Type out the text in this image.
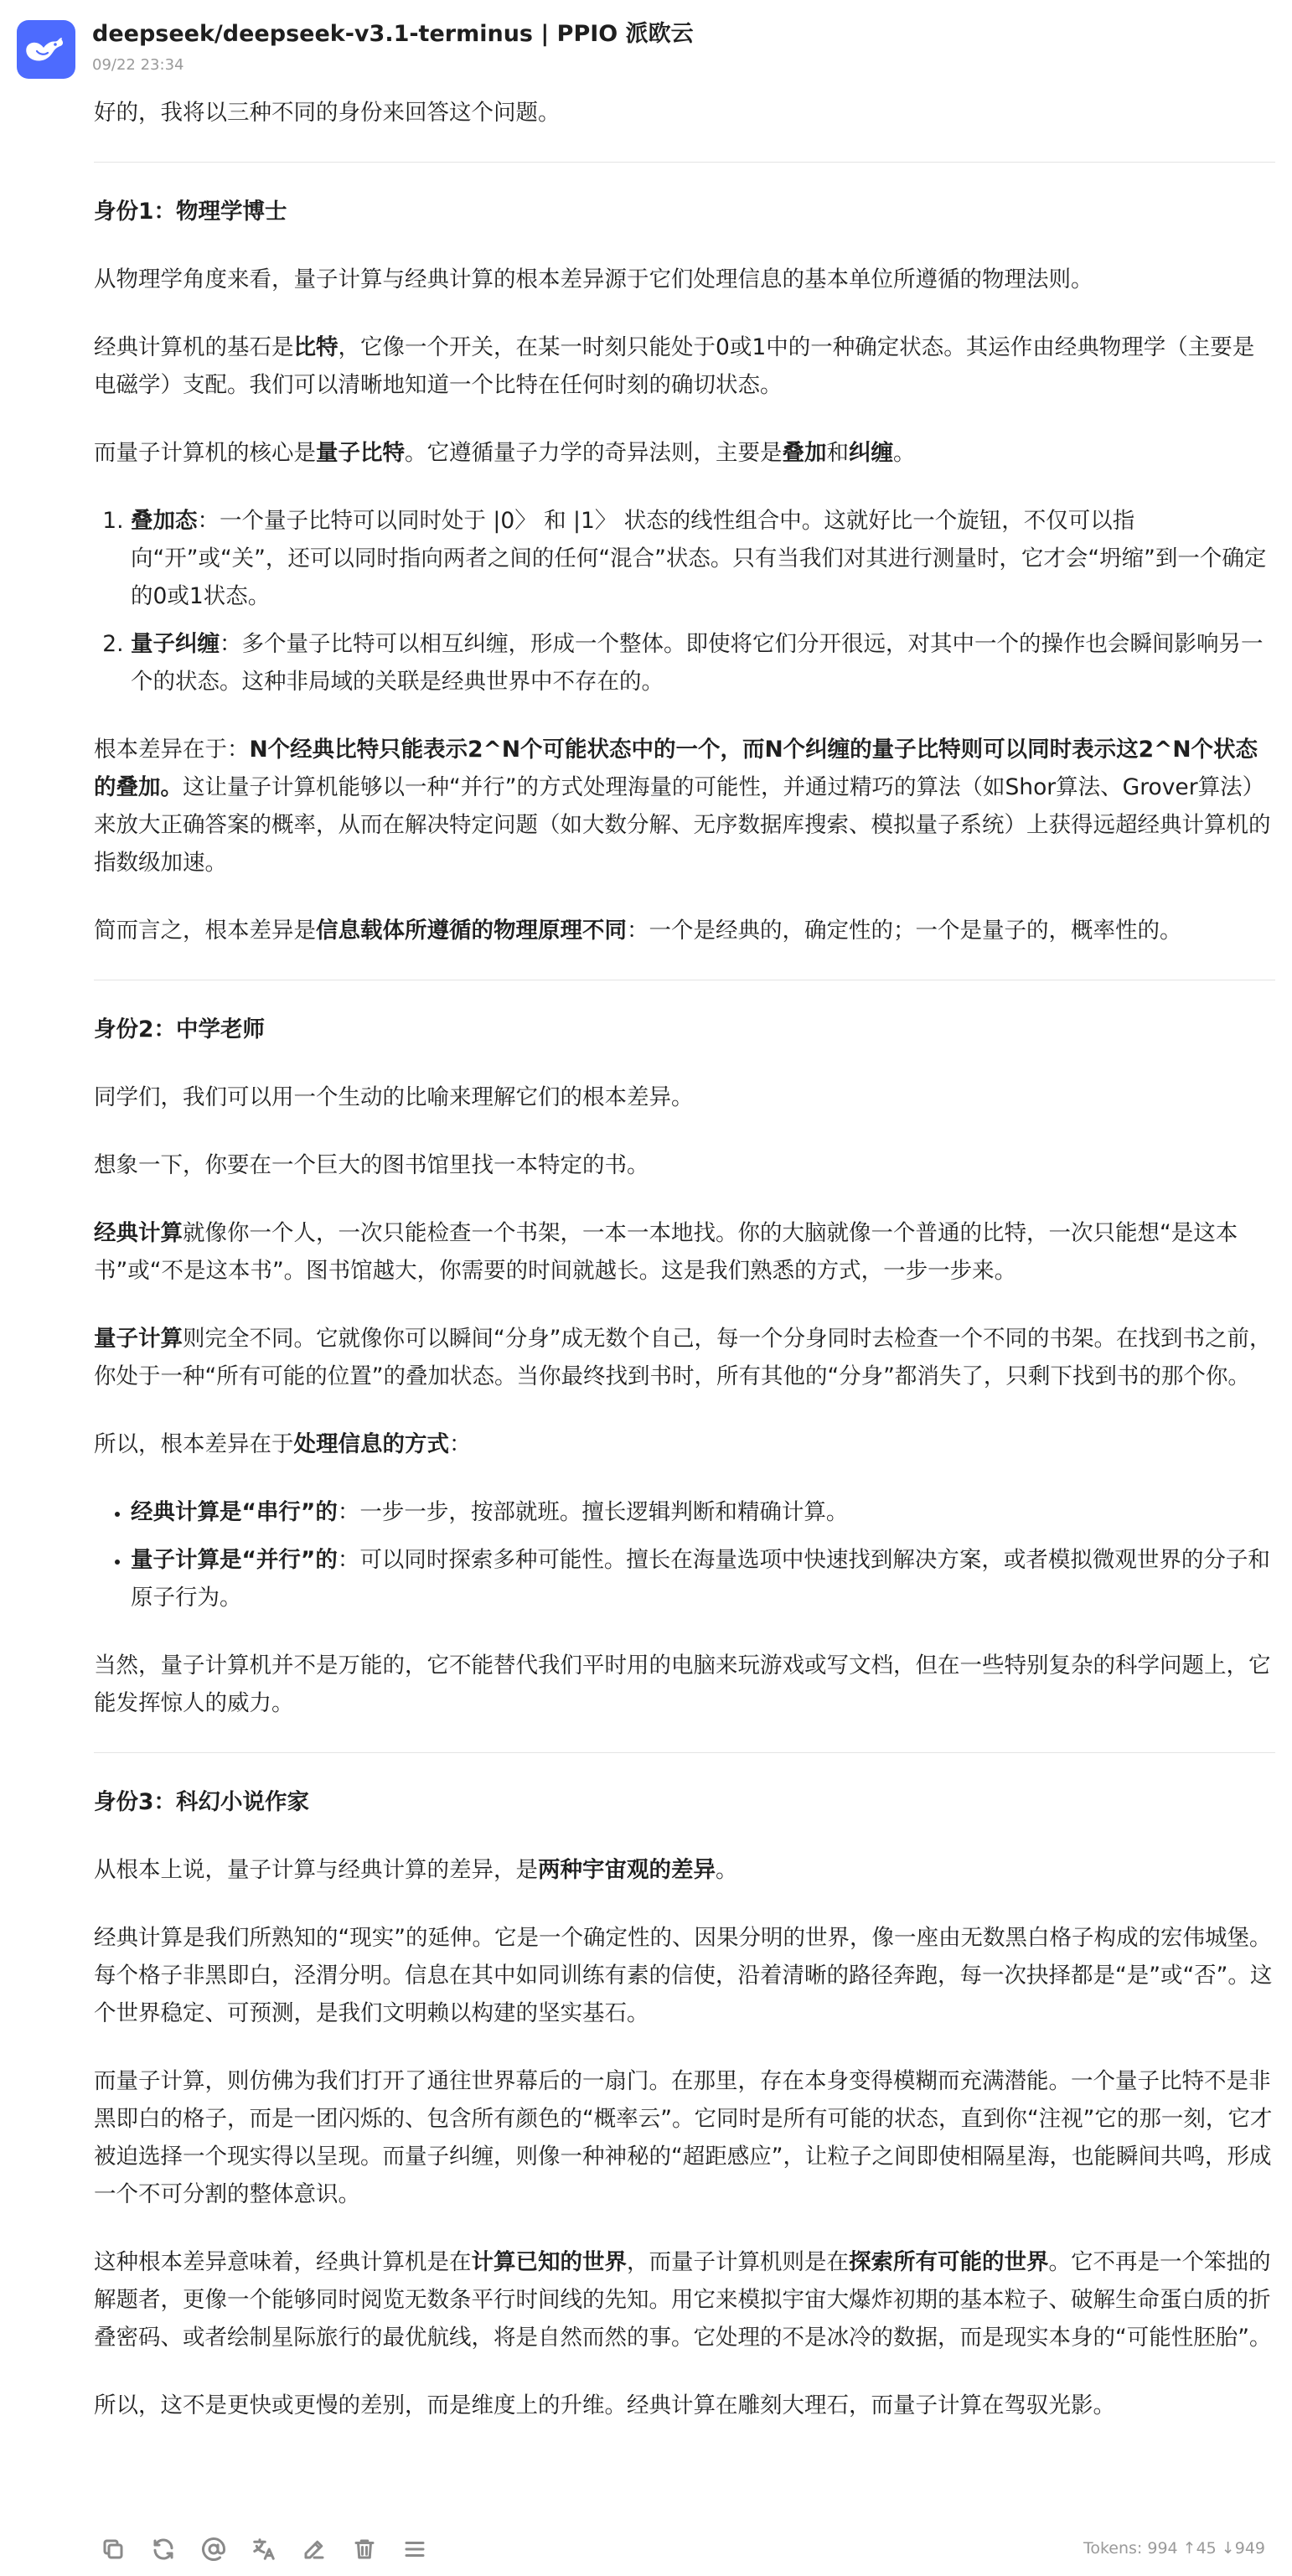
deepseek/deepseek-v3.1-terminus | PPIO 派欧云
09/22 23:34

好的，我将以三种不同的身份来回答这个问题。

身份1：物理学博士

从物理学角度来看，量子计算与经典计算的根本差异源于它们处理信息的基本单位所遵循的物理法则。

经典计算机的基石是比特，它像一个开关，在某一时刻只能处于0或1中的一种确定状态。其运作由经典物理学（主要是电磁学）支配。我们可以清晰地知道一个比特在任何时刻的确切状态。

而量子计算机的核心是量子比特。它遵循量子力学的奇异法则，主要是叠加和纠缠。

1. 叠加态：一个量子比特可以同时处于 |0〉 和 |1〉 状态的线性组合中。这就好比一个旋钮，不仅可以指向“开”或“关”，还可以同时指向两者之间的任何“混合”状态。只有当我们对其进行测量时，它才会“坍缩”到一个确定的0或1状态。
2. 量子纠缠：多个量子比特可以相互纠缠，形成一个整体。即使将它们分开很远，对其中一个的操作也会瞬间影响另一个的状态。这种非局域的关联是经典世界中不存在的。

根本差异在于：N个经典比特只能表示2^N个可能状态中的一个，而N个纠缠的量子比特则可以同时表示这2^N个状态的叠加。这让量子计算机能够以一种“并行”的方式处理海量的可能性，并通过精巧的算法（如Shor算法、Grover算法）来放大正确答案的概率，从而在解决特定问题（如大数分解、无序数据库搜索、模拟量子系统）上获得远超经典计算机的指数级加速。

简而言之，根本差异是信息载体所遵循的物理原理不同：一个是经典的，确定性的；一个是量子的，概率性的。

身份2：中学老师

同学们，我们可以用一个生动的比喻来理解它们的根本差异。

想象一下，你要在一个巨大的图书馆里找一本特定的书。

经典计算就像你一个人，一次只能检查一个书架，一本一本地找。你的大脑就像一个普通的比特，一次只能想“是这本书”或“不是这本书”。图书馆越大，你需要的时间就越长。这是我们熟悉的方式，一步一步来。

量子计算则完全不同。它就像你可以瞬间“分身”成无数个自己，每一个分身同时去检查一个不同的书架。在找到书之前，你处于一种“所有可能的位置”的叠加状态。当你最终找到书时，所有其他的“分身”都消失了，只剩下找到书的那个你。

所以，根本差异在于处理信息的方式：

• 经典计算是“串行”的：一步一步，按部就班。擅长逻辑判断和精确计算。
• 量子计算是“并行”的：可以同时探索多种可能性。擅长在海量选项中快速找到解决方案，或者模拟微观世界的分子和原子行为。

当然，量子计算机并不是万能的，它不能替代我们平时用的电脑来玩游戏或写文档，但在一些特别复杂的科学问题上，它能发挥惊人的威力。

身份3：科幻小说作家

从根本上说，量子计算与经典计算的差异，是两种宇宙观的差异。

经典计算是我们所熟知的“现实”的延伸。它是一个确定性的、因果分明的世界，像一座由无数黑白格子构成的宏伟城堡。每个格子非黑即白，泾渭分明。信息在其中如同训练有素的信使，沿着清晰的路径奔跑，每一次抉择都是“是”或“否”。这个世界稳定、可预测，是我们文明赖以构建的坚实基石。

而量子计算，则仿佛为我们打开了通往世界幕后的一扇门。在那里，存在本身变得模糊而充满潜能。一个量子比特不是非黑即白的格子，而是一团闪烁的、包含所有颜色的“概率云”。它同时是所有可能的状态，直到你“注视”它的那一刻，它才被迫选择一个现实得以呈现。而量子纠缠，则像一种神秘的“超距感应”，让粒子之间即使相隔星海，也能瞬间共鸣，形成一个不可分割的整体意识。

这种根本差异意味着，经典计算机是在计算已知的世界，而量子计算机则是在探索所有可能的世界。它不再是一个笨拙的解题者，更像一个能够同时阅览无数条平行时间线的先知。用它来模拟宇宙大爆炸初期的基本粒子、破解生命蛋白质的折叠密码、或者绘制星际旅行的最优航线，将是自然而然的事。它处理的不是冰冷的数据，而是现实本身的“可能性胚胎”。

所以，这不是更快或更慢的差别，而是维度上的升维。经典计算在雕刻大理石，而量子计算在驾驭光影。

Tokens: 994 ↑45 ↓949
